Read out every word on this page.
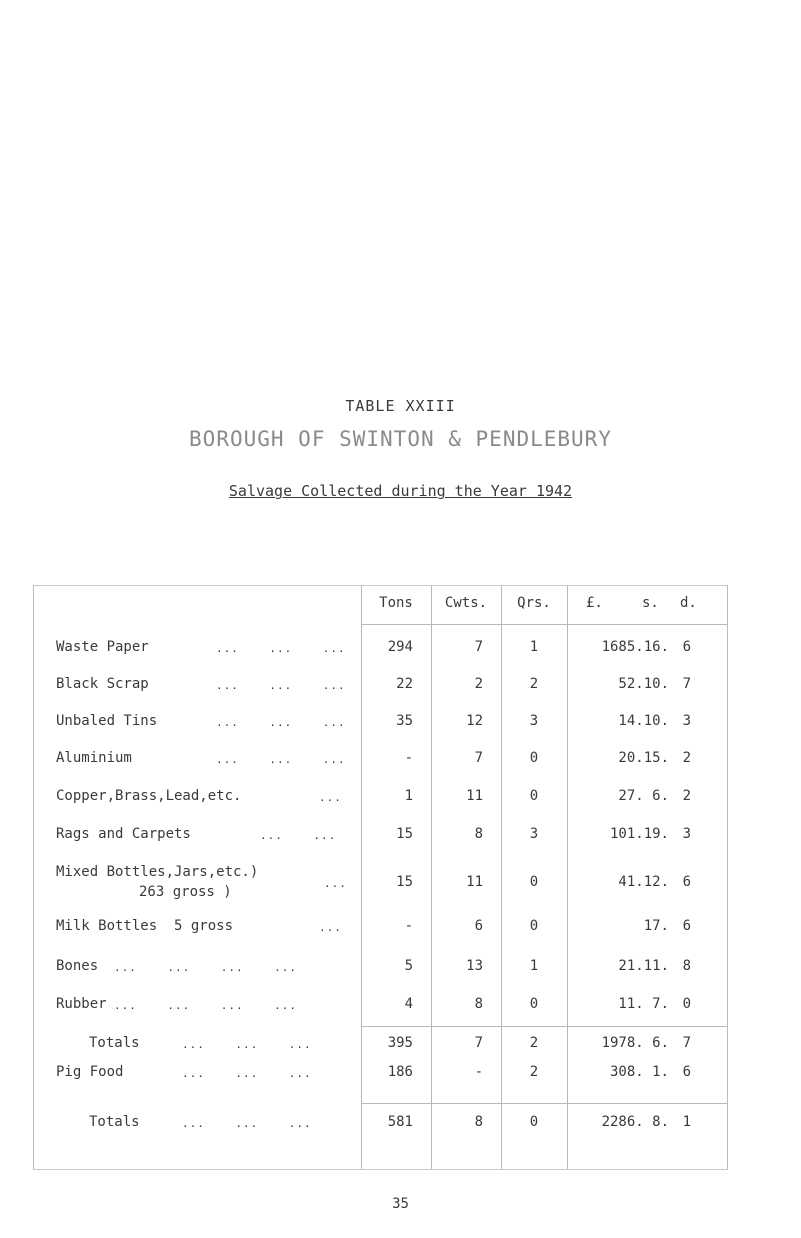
TABLE XXIII
BOROUGH OF SWINTON & PENDLEBURY
Salvage Collected during the Year 1942
Tons	Cwts.	Qrs.	£.	s. d.
Waste Paper	...    ...    ...	294	7	1	1685.16. 6
Black Scrap	...    ...    ...	22	2	2	52.10. 7
Unbaled Tins	...    ...    ...	35	12	3	14.10. 3
Aluminium	...    ...    ...	-	7	0	20.15. 2
Copper,Brass,Lead,etc.	...	1	11	0	27. 6. 2
Rags and Carpets	...    ...	15	8	3	101.19. 3
Mixed Bottles,Jars,etc.)
263 gross )
...	15	11	0	41.12. 6
Milk Bottles  5 gross	...	-	6	0	17. 6
Bones ...    ...    ...    ...	5	13	1	21.11. 8
Rubber ...    ...    ...    ...	4	8	0	11. 7. 0
Totals	...    ...    ...	395	7	2	1978. 6. 7
Pig Food	...    ...    ...	186	-	2	308. 1. 6
Totals	...    ...    ...	581	8	0	2286. 8. 1
35
